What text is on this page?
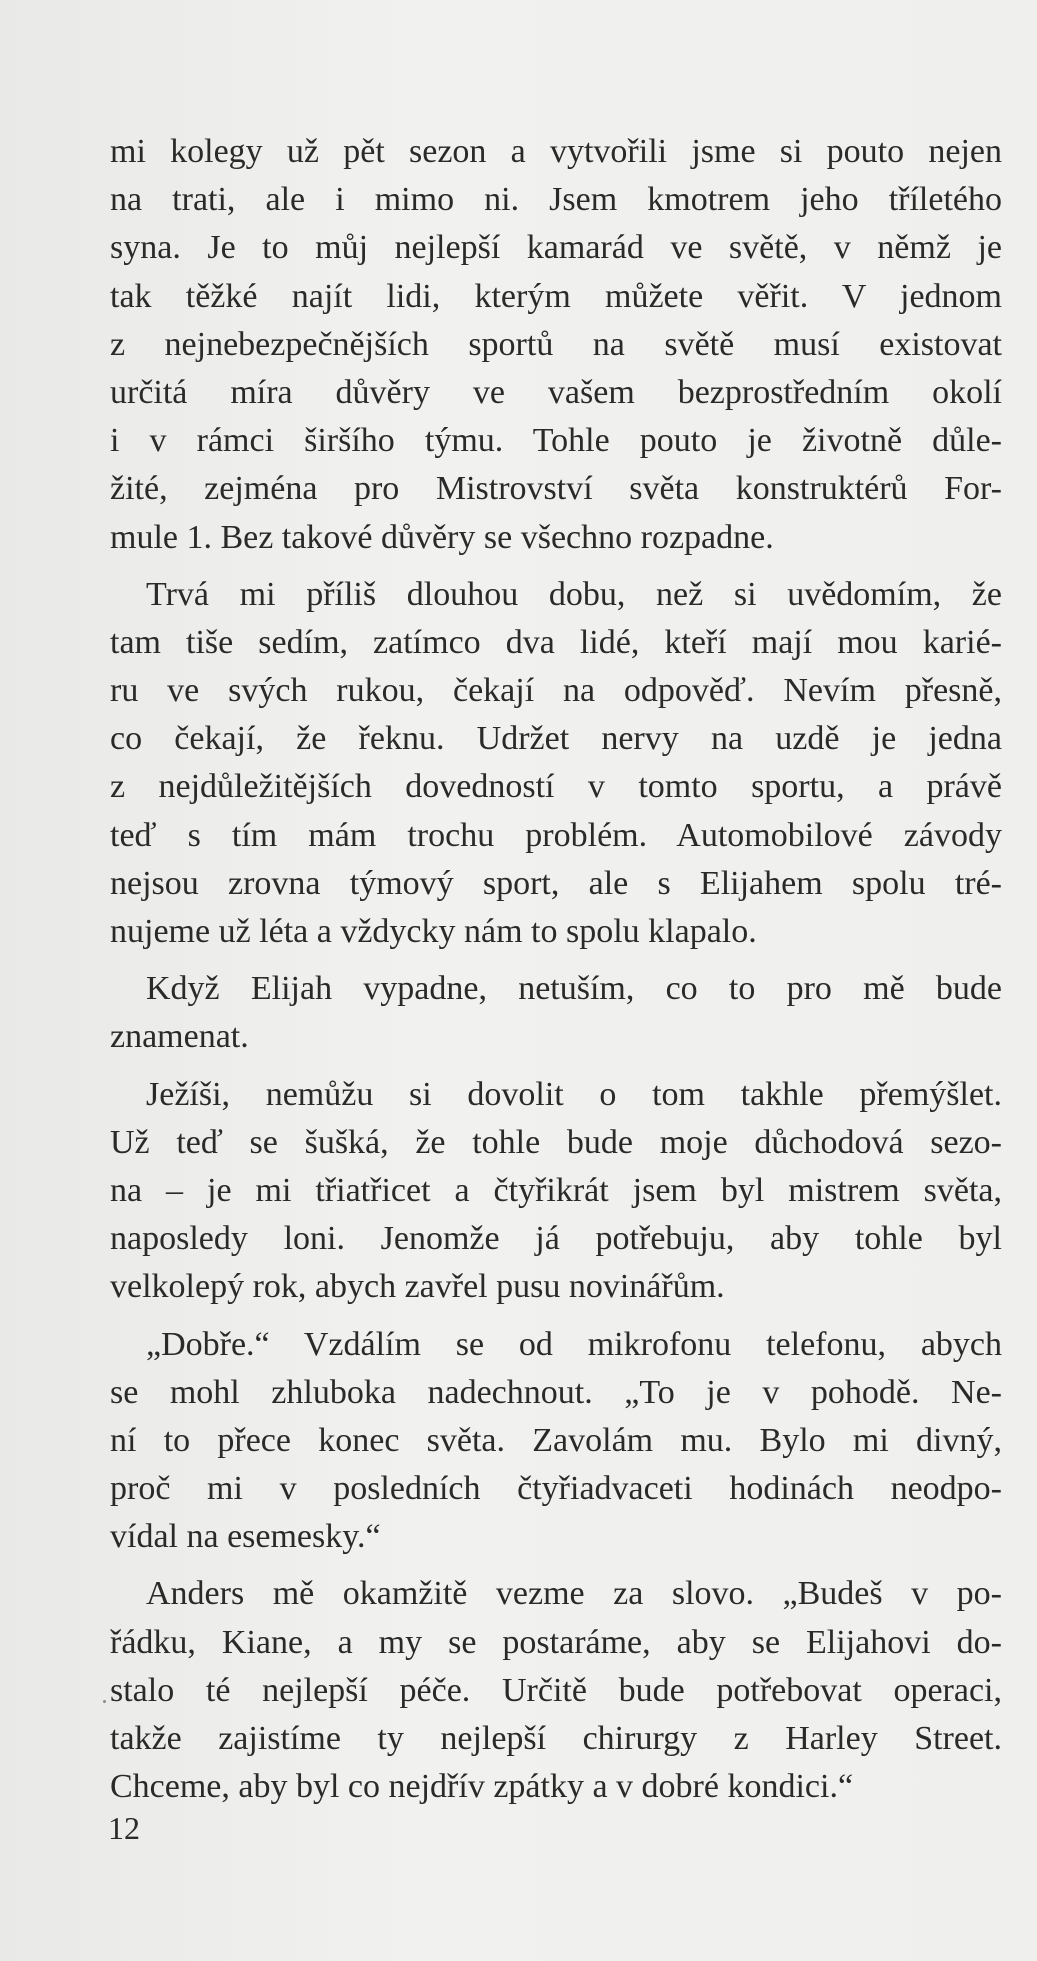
mi kolegy už pět sezon a vytvořili jsme si pouto nejen
na trati, ale i mimo ni. Jsem kmotrem jeho tříletého
syna. Je to můj nejlepší kamarád ve světě, v němž je
tak těžké najít lidi, kterým můžete věřit. V jednom
z nejnebezpečnějších sportů na světě musí existovat
určitá míra důvěry ve vašem bezprostředním okolí
i v rámci širšího týmu. Tohle pouto je životně důle-
žité, zejména pro Mistrovství světa konstruktérů For-
mule 1. Bez takové důvěry se všechno rozpadne.
Trvá mi příliš dlouhou dobu, než si uvědomím, že
tam tiše sedím, zatímco dva lidé, kteří mají mou karié-
ru ve svých rukou, čekají na odpověď. Nevím přesně,
co čekají, že řeknu. Udržet nervy na uzdě je jedna
z nejdůležitějších dovedností v tomto sportu, a právě
teď s tím mám trochu problém. Automobilové závody
nejsou zrovna týmový sport, ale s Elijahem spolu tré-
nujeme už léta a vždycky nám to spolu klapalo.
Když Elijah vypadne, netuším, co to pro mě bude
znamenat.
Ježíši, nemůžu si dovolit o tom takhle přemýšlet.
Už teď se šušká, že tohle bude moje důchodová sezo-
na – je mi třiatřicet a čtyřikrát jsem byl mistrem světa,
naposledy loni. Jenomže já potřebuju, aby tohle byl
velkolepý rok, abych zavřel pusu novinářům.
„Dobře.“ Vzdálím se od mikrofonu telefonu, abych
se mohl zhluboka nadechnout. „To je v pohodě. Ne-
ní to přece konec světa. Zavolám mu. Bylo mi divný,
proč mi v posledních čtyřiadvaceti hodinách neodpo-
vídal na esemesky.“
Anders mě okamžitě vezme za slovo. „Budeš v po-
řádku, Kiane, a my se postaráme, aby se Elijahovi do-
stalo té nejlepší péče. Určitě bude potřebovat operaci,
takže zajistíme ty nejlepší chirurgy z Harley Street.
Chceme, aby byl co nejdřív zpátky a v dobré kondici.“
12
